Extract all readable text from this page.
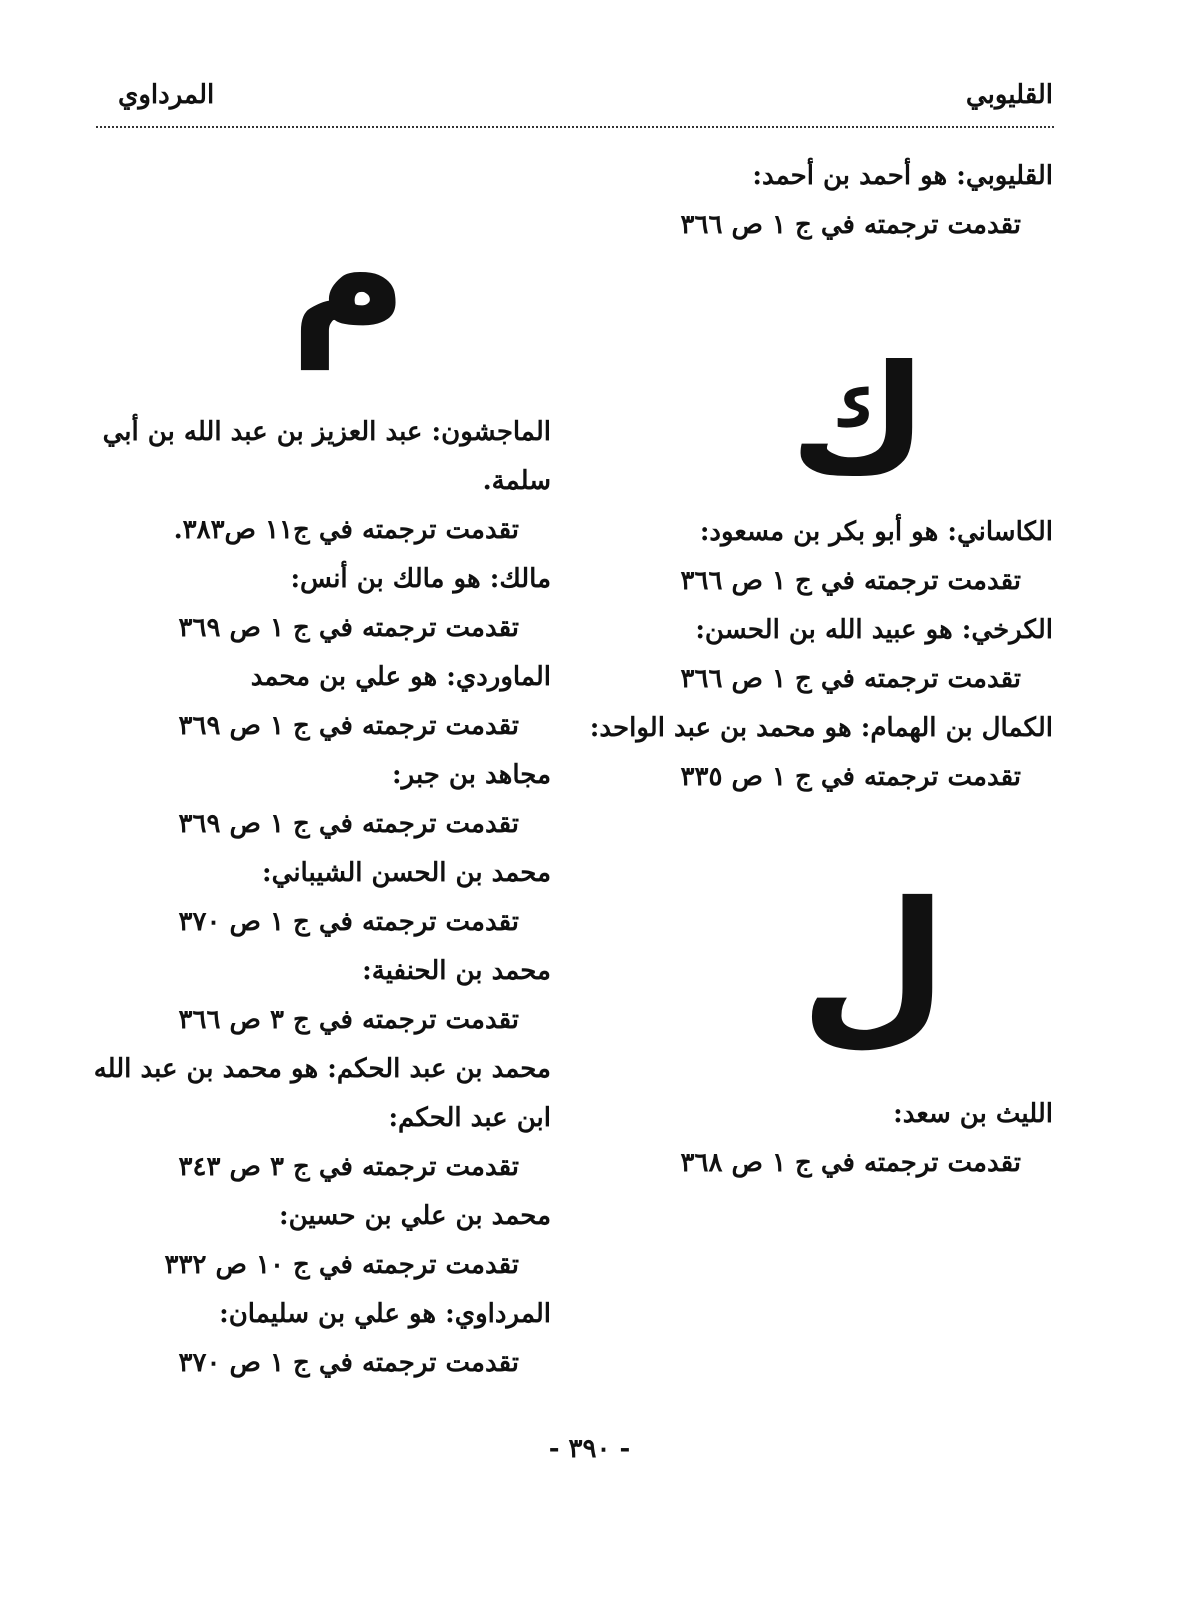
القليوبي
المرداوي
القليوبي: هو أحمد بن أحمد:
تقدمت ترجمته في ج ١ ص ٣٦٦
ك
الكاساني: هو أبو بكر بن مسعود:
تقدمت ترجمته في ج ١ ص ٣٦٦
الكرخي: هو عبيد الله بن الحسن:
تقدمت ترجمته في ج ١ ص ٣٦٦
الكمال بن الهمام: هو محمد بن عبد الواحد:
تقدمت ترجمته في ج ١ ص ٣٣٥
ل
الليث بن سعد:
تقدمت ترجمته في ج ١ ص ٣٦٨
م
الماجشون: عبد العزيز بن عبد الله بن أبي سلمة.
تقدمت ترجمته في ج١١ ص٣٨٣.
مالك: هو مالك بن أنس:
تقدمت ترجمته في ج ١ ص ٣٦٩
الماوردي: هو علي بن محمد
تقدمت ترجمته في ج ١ ص ٣٦٩
مجاهد بن جبر:
تقدمت ترجمته في ج ١ ص ٣٦٩
محمد بن الحسن الشيباني:
تقدمت ترجمته في ج ١ ص ٣٧٠
محمد بن الحنفية:
تقدمت ترجمته في ج ٣ ص ٣٦٦
محمد بن عبد الحكم: هو محمد بن عبد الله ابن عبد الحكم:
تقدمت ترجمته في ج ٣ ص ٣٤٣
محمد بن علي بن حسين:
تقدمت ترجمته في ج ١٠ ص ٣٣٢
المرداوي: هو علي بن سليمان:
تقدمت ترجمته في ج ١ ص ٣٧٠
- ٣٩٠ -
